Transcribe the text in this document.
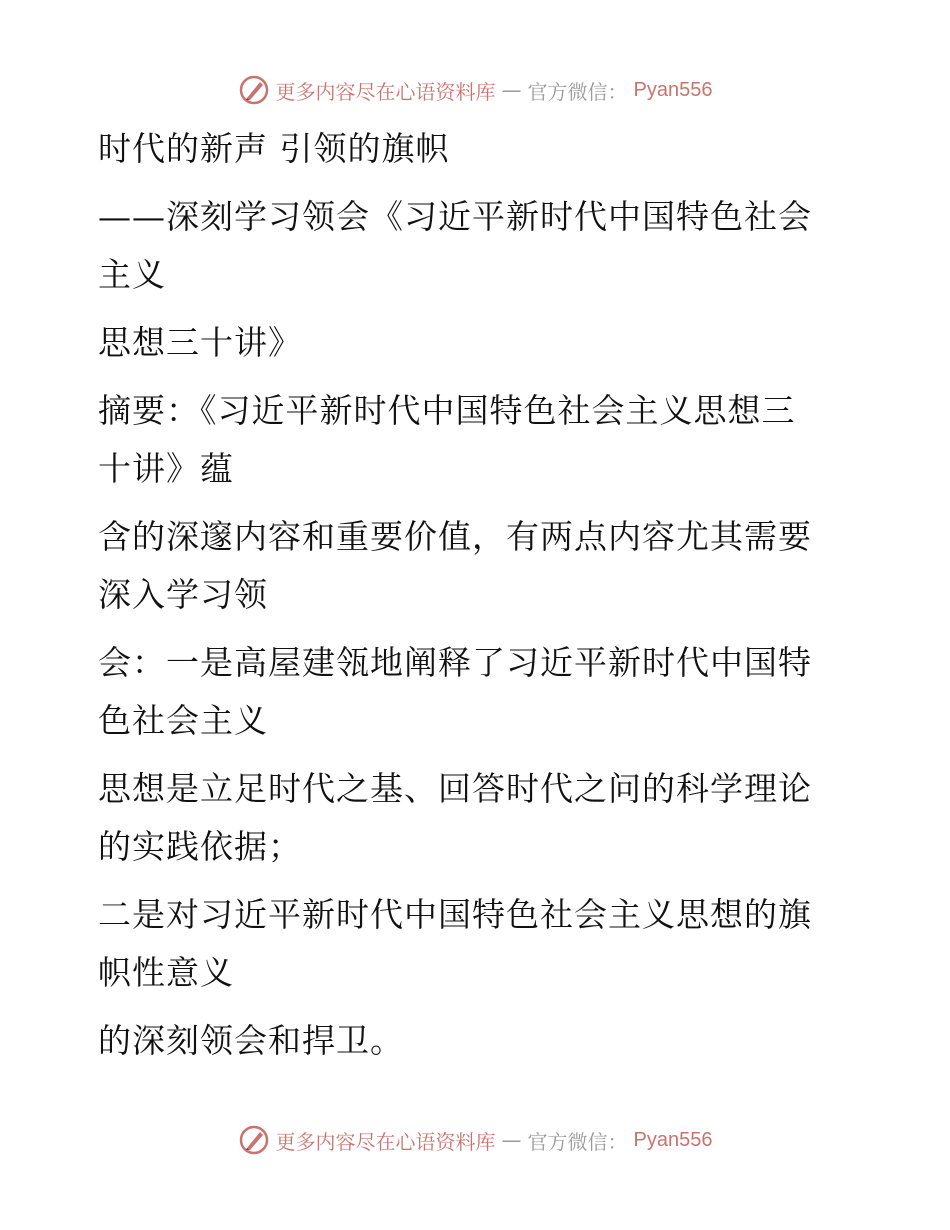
更多内容尽在心语资料库 — 官方微信： Pyan556
时代的新声 引领的旗帜
——深刻学习领会《习近平新时代中国特色社会
主义
思想三十讲》
摘要：《习近平新时代中国特色社会主义思想三
十讲》蕴
含的深邃内容和重要价值，有两点内容尤其需要
深入学习领
会：一是高屋建瓴地阐释了习近平新时代中国特
色社会主义
思想是立足时代之基、回答时代之问的科学理论
的实践依据；
二是对习近平新时代中国特色社会主义思想的旗
帜性意义
的深刻领会和捍卫。
更多内容尽在心语资料库 — 官方微信： Pyan556
